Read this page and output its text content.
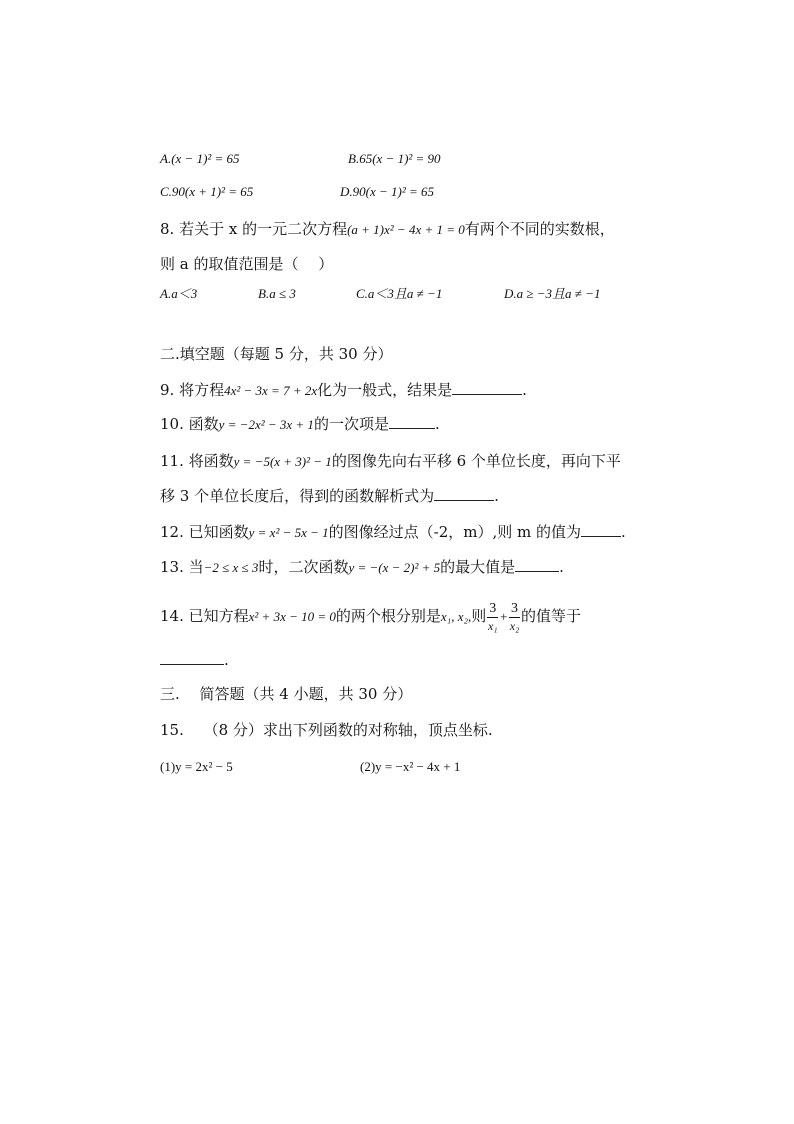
A.(x − 1)² = 65	B.65(x − 1)² = 90
C.90(x + 1)² = 65	D.90(x − 1)² = 65
8. 若关于 x 的一元二次方程(a + 1)x² − 4x + 1 = 0有两个不同的实数根，
则 a 的取值范围是（　 ）
A.a＜3	B.a ≤ 3	C.a＜3且a ≠ −1	D.a ≥ −3且a ≠ −1
二.填空题（每题 5 分，共 30 分）
9. 将方程4x² − 3x = 7 + 2x化为一般式，结果是	.
10. 函数y = −2x² − 3x + 1的一次项是	.
11. 将函数y = −5(x + 3)² − 1的图像先向右平移 6 个单位长度，再向下平
移 3 个单位长度后，得到的函数解析式为	.
12. 已知函数y = x² − 5x − 1的图像经过点（-2，m）,则 m 的值为	.
13. 当−2 ≤ x ≤ 3时，二次函数y = −(x − 2)² + 5的最大值是	.
14. 已知方程x² + 3x − 10 = 0的两个根分别是x₁, x₂,则 $\frac{3}{\text{x₁}} + \frac{3}{\text{x₂}}$ 的值等于
.
三.　 简答题（共 4 小题，共 30 分）
15.　 （8 分）求出下列函数的对称轴，顶点坐标.
(1)y = 2x² − 5	(2)y = −x² − 4x + 1
